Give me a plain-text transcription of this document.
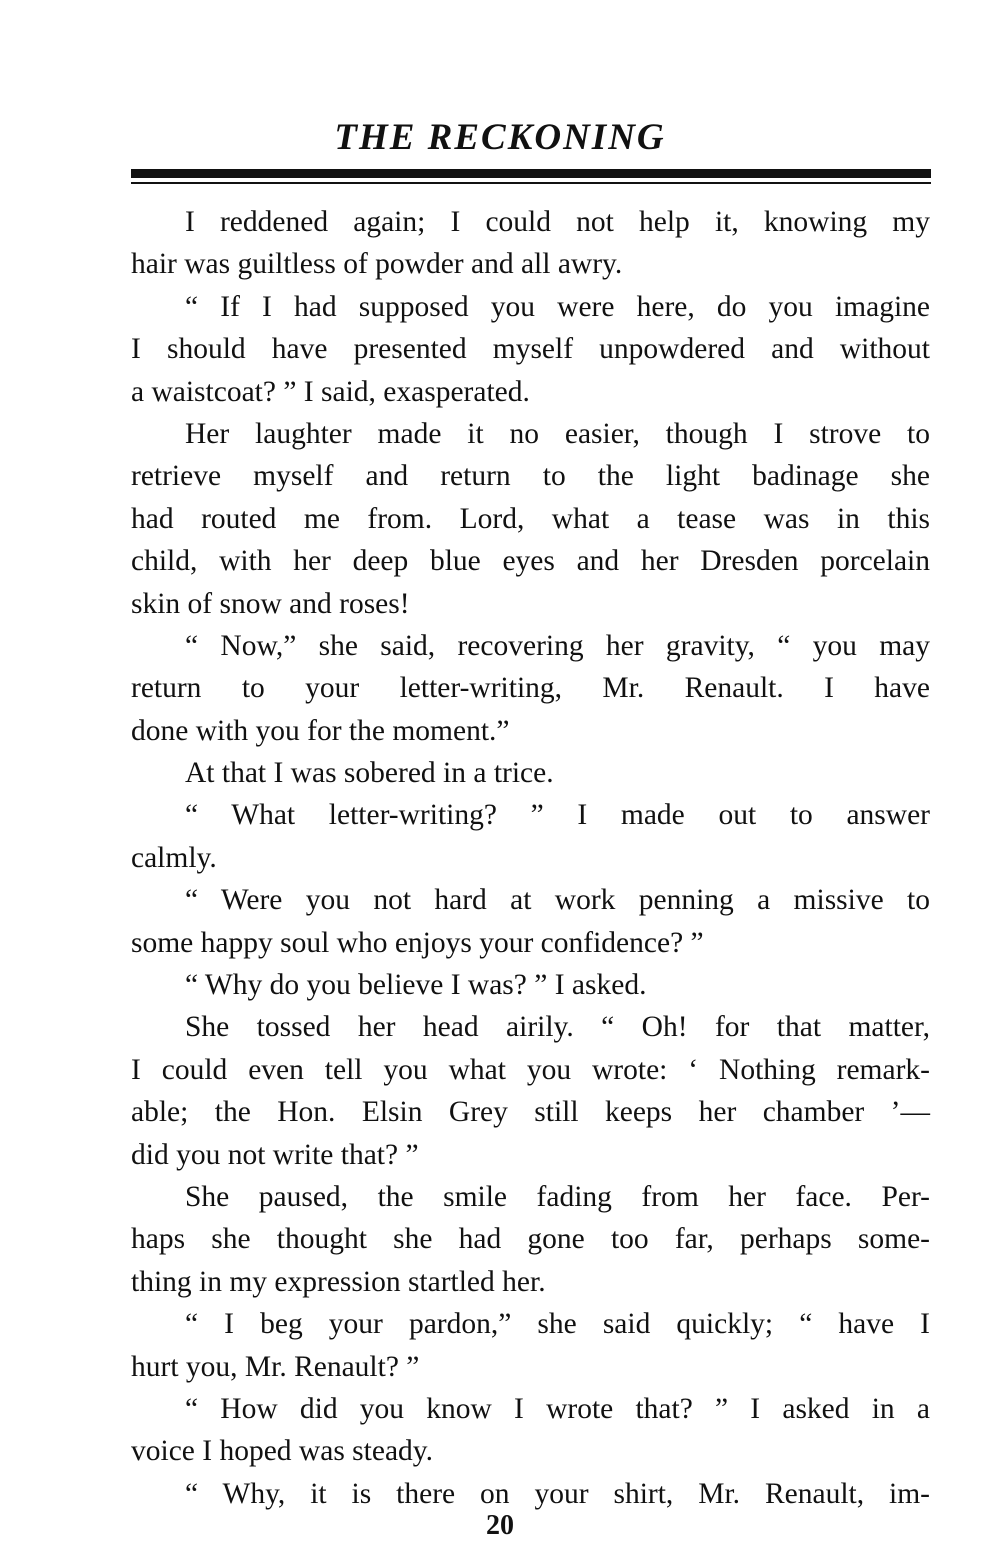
THE RECKONING
I reddened again; I could not help it, knowing my
hair was guiltless of powder and all awry.
“ If I had supposed you were here, do you imagine
I should have presented myself unpowdered and without
a waistcoat? ” I said, exasperated.
Her laughter made it no easier, though I strove to
retrieve myself and return to the light badinage she
had routed me from. Lord, what a tease was in this
child, with her deep blue eyes and her Dresden porcelain
skin of snow and roses!
“ Now,” she said, recovering her gravity, “ you may
return to your letter-writing, Mr. Renault. I have
done with you for the moment.”
At that I was sobered in a trice.
“ What letter-writing? ” I made out to answer
calmly.
“ Were you not hard at work penning a missive to
some happy soul who enjoys your confidence? ”
“ Why do you believe I was? ” I asked.
She tossed her head airily. “ Oh! for that matter,
I could even tell you what you wrote: ‘ Nothing remark-
able; the Hon. Elsin Grey still keeps her chamber ’—
did you not write that? ”
She paused, the smile fading from her face. Per-
haps she thought she had gone too far, perhaps some-
thing in my expression startled her.
“ I beg your pardon,” she said quickly; “ have I
hurt you, Mr. Renault? ”
“ How did you know I wrote that? ” I asked in a
voice I hoped was steady.
“ Why, it is there on your shirt, Mr. Renault, im-
20
